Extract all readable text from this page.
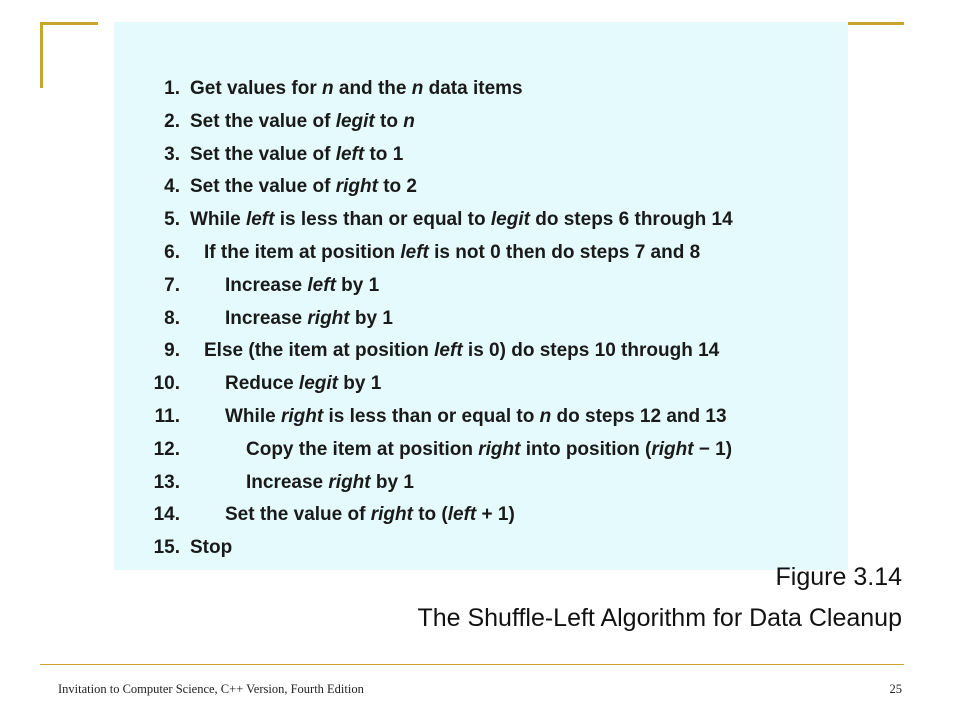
1. Get values for n and the n data items
2. Set the value of legit to n
3. Set the value of left to 1
4. Set the value of right to 2
5. While left is less than or equal to legit do steps 6 through 14
6.	If the item at position left is not 0 then do steps 7 and 8
7.	Increase left by 1
8.	Increase right by 1
9.	Else (the item at position left is 0) do steps 10 through 14
10.	Reduce legit by 1
11.	While right is less than or equal to n do steps 12 and 13
12.	Copy the item at position right into position (right − 1)
13.	Increase right by 1
14.	Set the value of right to (left + 1)
15. Stop
Figure 3.14
The Shuffle-Left Algorithm for Data Cleanup
Invitation to Computer Science, C++ Version, Fourth Edition	25
